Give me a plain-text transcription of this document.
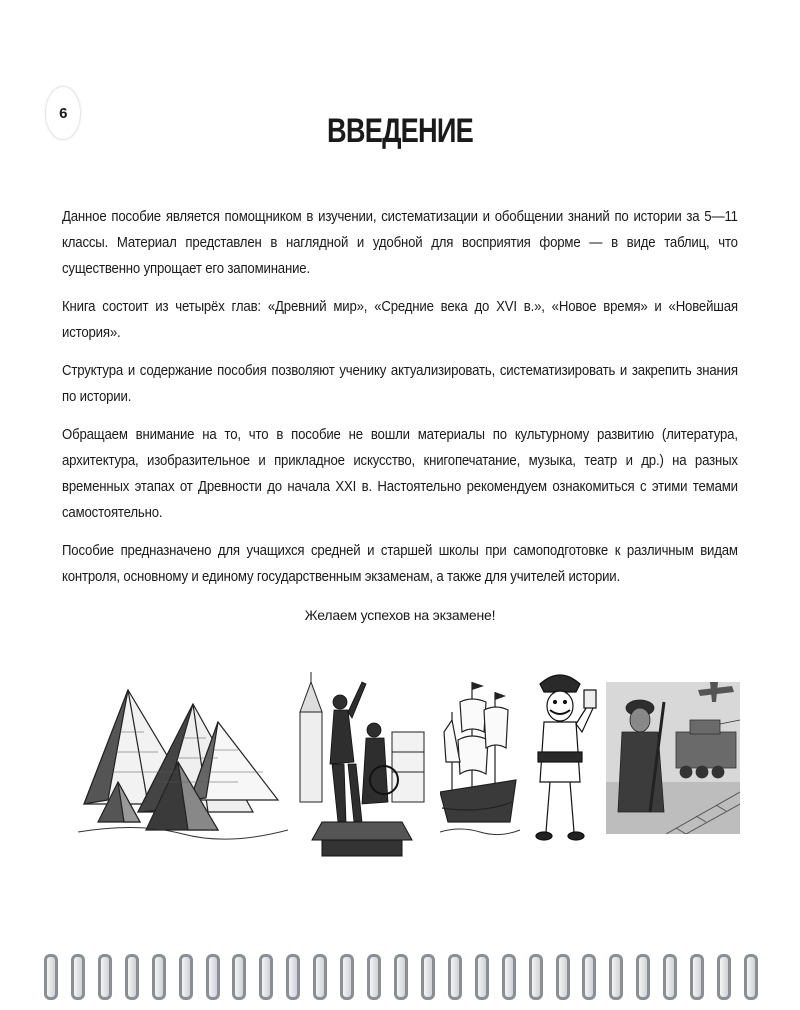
6	ВВЕДЕНИЕ

Данное пособие является помощником в изучении, систематизации и обобщении знаний по истории за 5—11 классы. Материал представлен в наглядной и удобной для восприятия форме — в виде таблиц, что существенно упрощает его запоминание.

Книга состоит из четырёх глав: «Древний мир», «Средние века до XVI в.», «Новое время» и «Новейшая история».

Структура и содержание пособия позволяют ученику актуализировать, систематизировать и закрепить знания по истории.

Обращаем внимание на то, что в пособие не вошли материалы по культурному развитию (литература, архитектура, изобразительное и прикладное искусство, книгопечатание, музыка, театр и др.) на разных временных этапах от Древности до начала XXI в. Настоятельно рекомендуем ознакомиться с этими темами самостоятельно.

Пособие предназначено для учащихся средней и старшей школы при самоподготовке к различным видам контроля, основному и единому государственным экзаменам, а также для учителей истории.

Желаем успехов на экзамене!
